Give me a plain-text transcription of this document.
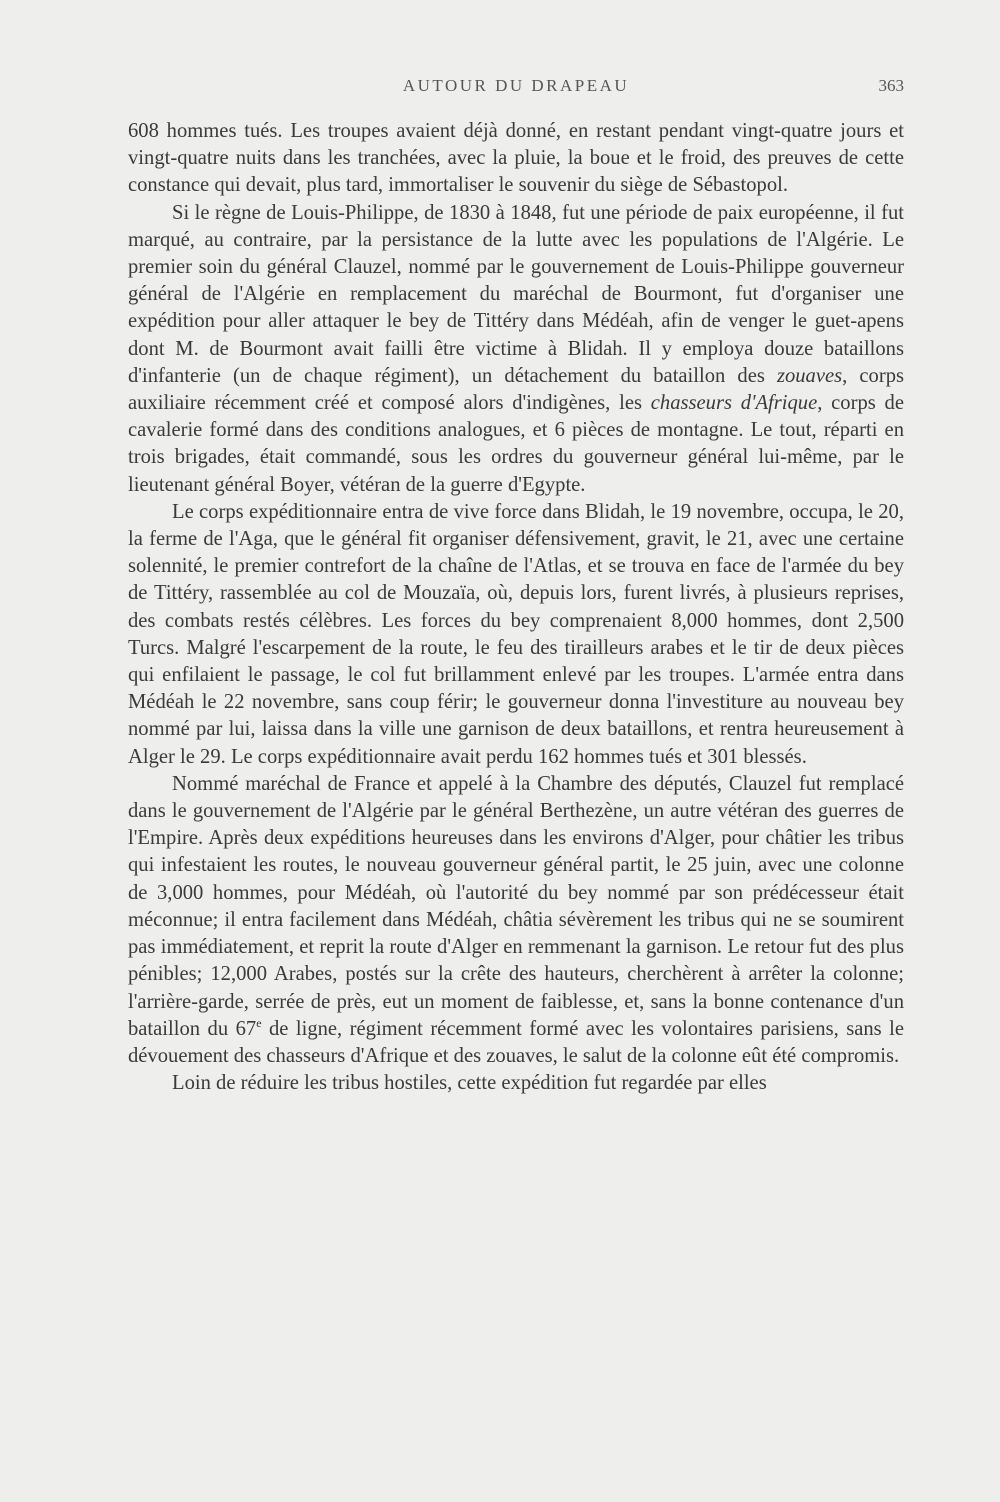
AUTOUR DU DRAPEAU	363

608 hommes tués. Les troupes avaient déjà donné, en restant pendant vingt-quatre jours et vingt-quatre nuits dans les tranchées, avec la pluie, la boue et le froid, des preuves de cette constance qui devait, plus tard, immortaliser le souvenir du siège de Sébastopol.

Si le règne de Louis-Philippe, de 1830 à 1848, fut une période de paix européenne, il fut marqué, au contraire, par la persistance de la lutte avec les populations de l'Algérie. Le premier soin du général Clauzel, nommé par le gouvernement de Louis-Philippe gouverneur général de l'Algérie en remplacement du maréchal de Bourmont, fut d'organiser une expédition pour aller attaquer le bey de Tittéry dans Médéah, afin de venger le guet-apens dont M. de Bourmont avait failli être victime à Blidah. Il y employa douze bataillons d'infanterie (un de chaque régiment), un détachement du bataillon des zouaves, corps auxiliaire récemment créé et composé alors d'indigènes, les chasseurs d'Afrique, corps de cavalerie formé dans des conditions analogues, et 6 pièces de montagne. Le tout, réparti en trois brigades, était commandé, sous les ordres du gouverneur général lui-même, par le lieutenant général Boyer, vétéran de la guerre d'Egypte.

Le corps expéditionnaire entra de vive force dans Blidah, le 19 novembre, occupa, le 20, la ferme de l'Aga, que le général fit organiser défensivement, gravit, le 21, avec une certaine solennité, le premier contrefort de la chaîne de l'Atlas, et se trouva en face de l'armée du bey de Tittéry, rassemblée au col de Mouzaïa, où, depuis lors, furent livrés, à plusieurs reprises, des combats restés célèbres. Les forces du bey comprenaient 8,000 hommes, dont 2,500 Turcs. Malgré l'escarpement de la route, le feu des tirailleurs arabes et le tir de deux pièces qui enfilaient le passage, le col fut brillamment enlevé par les troupes. L'armée entra dans Médéah le 22 novembre, sans coup férir; le gouverneur donna l'investiture au nouveau bey nommé par lui, laissa dans la ville une garnison de deux bataillons, et rentra heureusement à Alger le 29. Le corps expéditionnaire avait perdu 162 hommes tués et 301 blessés.

Nommé maréchal de France et appelé à la Chambre des députés, Clauzel fut remplacé dans le gouvernement de l'Algérie par le général Berthezène, un autre vétéran des guerres de l'Empire. Après deux expéditions heureuses dans les environs d'Alger, pour châtier les tribus qui infestaient les routes, le nouveau gouverneur général partit, le 25 juin, avec une colonne de 3,000 hommes, pour Médéah, où l'autorité du bey nommé par son prédécesseur était méconnue; il entra facilement dans Médéah, châtia sévèrement les tribus qui ne se soumirent pas immédiatement, et reprit la route d'Alger en remmenant la garnison. Le retour fut des plus pénibles; 12,000 Arabes, postés sur la crête des hauteurs, cherchèrent à arrêter la colonne; l'arrière-garde, serrée de près, eut un moment de faiblesse, et, sans la bonne contenance d'un bataillon du 67e de ligne, régiment récemment formé avec les volontaires parisiens, sans le dévouement des chasseurs d'Afrique et des zouaves, le salut de la colonne eût été compromis.

Loin de réduire les tribus hostiles, cette expédition fut regardée par elles
